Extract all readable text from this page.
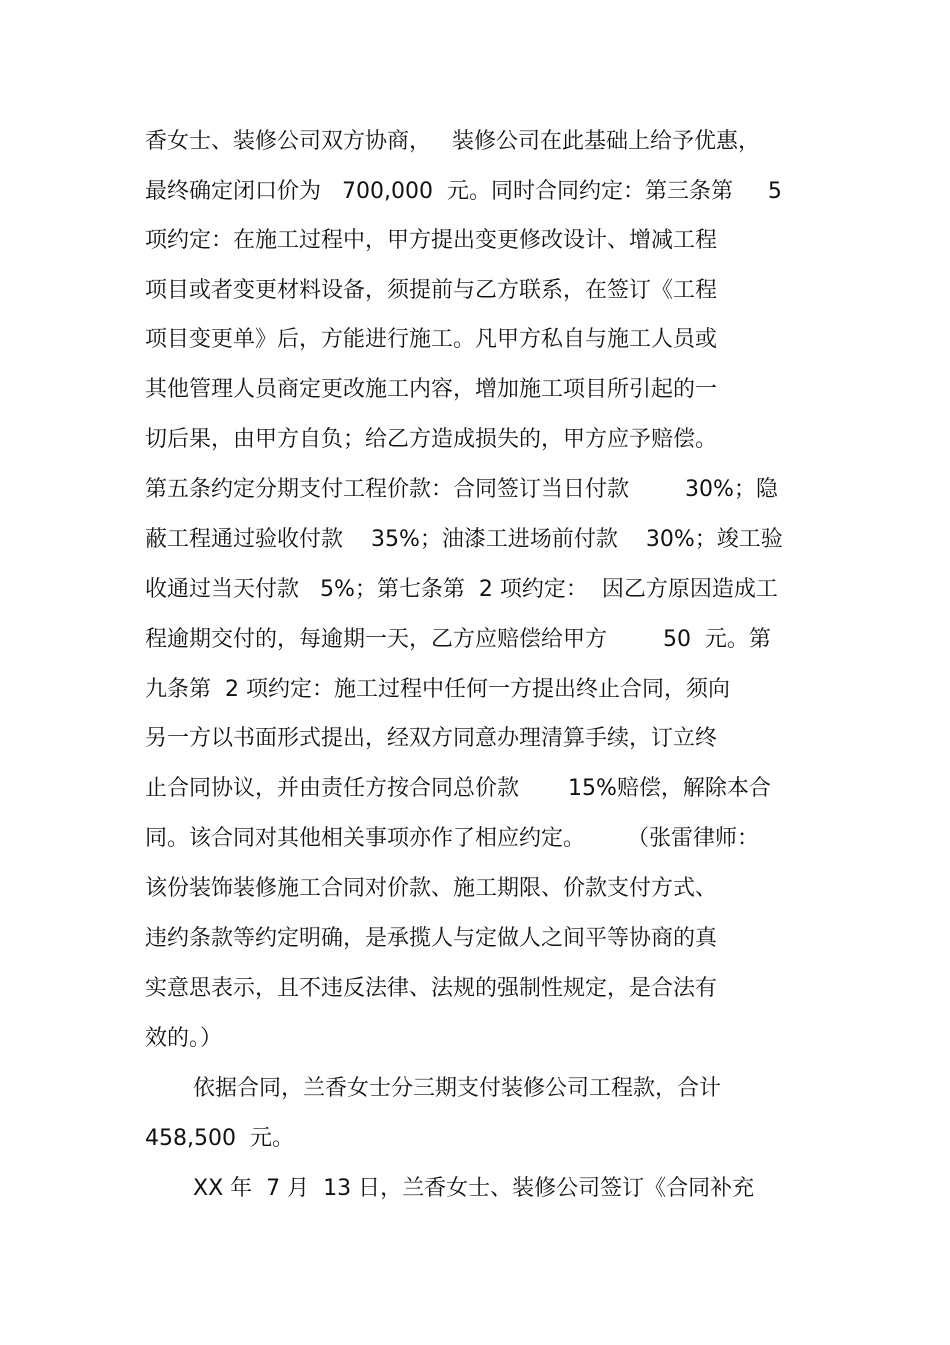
香女士、装修公司双方协商，   装修公司在此基础上给予优惠，

最终确定闭口价为   700,000  元。同时合同约定：第三条第     5

项约定：在施工过程中，甲方提出变更修改设计、增减工程

项目或者变更材料设备，须提前与乙方联系，在签订《工程

项目变更单》后，方能进行施工。凡甲方私自与施工人员或

其他管理人员商定更改施工内容，增加施工项目所引起的一

切后果，由甲方自负；给乙方造成损失的，甲方应予赔偿。

第五条约定分期支付工程价款：合同签订当日付款        30%；隐

蔽工程通过验收付款    35%；油漆工进场前付款    30%；竣工验

收通过当天付款   5%；第七条第  2 项约定：  因乙方原因造成工

程逾期交付的，每逾期一天，乙方应赔偿给甲方        50  元。第

九条第  2 项约定：施工过程中任何一方提出终止合同，须向

另一方以书面形式提出，经双方同意办理清算手续，订立终

止合同协议，并由责任方按合同总价款       15%赔偿，解除本合

同。该合同对其他相关事项亦作了相应约定。      （张雷律师：

该份装饰装修施工合同对价款、施工期限、价款支付方式、

违约条款等约定明确，是承揽人与定做人之间平等协商的真

实意思表示，且不违反法律、法规的强制性规定，是合法有

效的。）

依据合同，兰香女士分三期支付装修公司工程款，合计

458,500  元。

XX 年  7 月  13 日，兰香女士、装修公司签订《合同补充
